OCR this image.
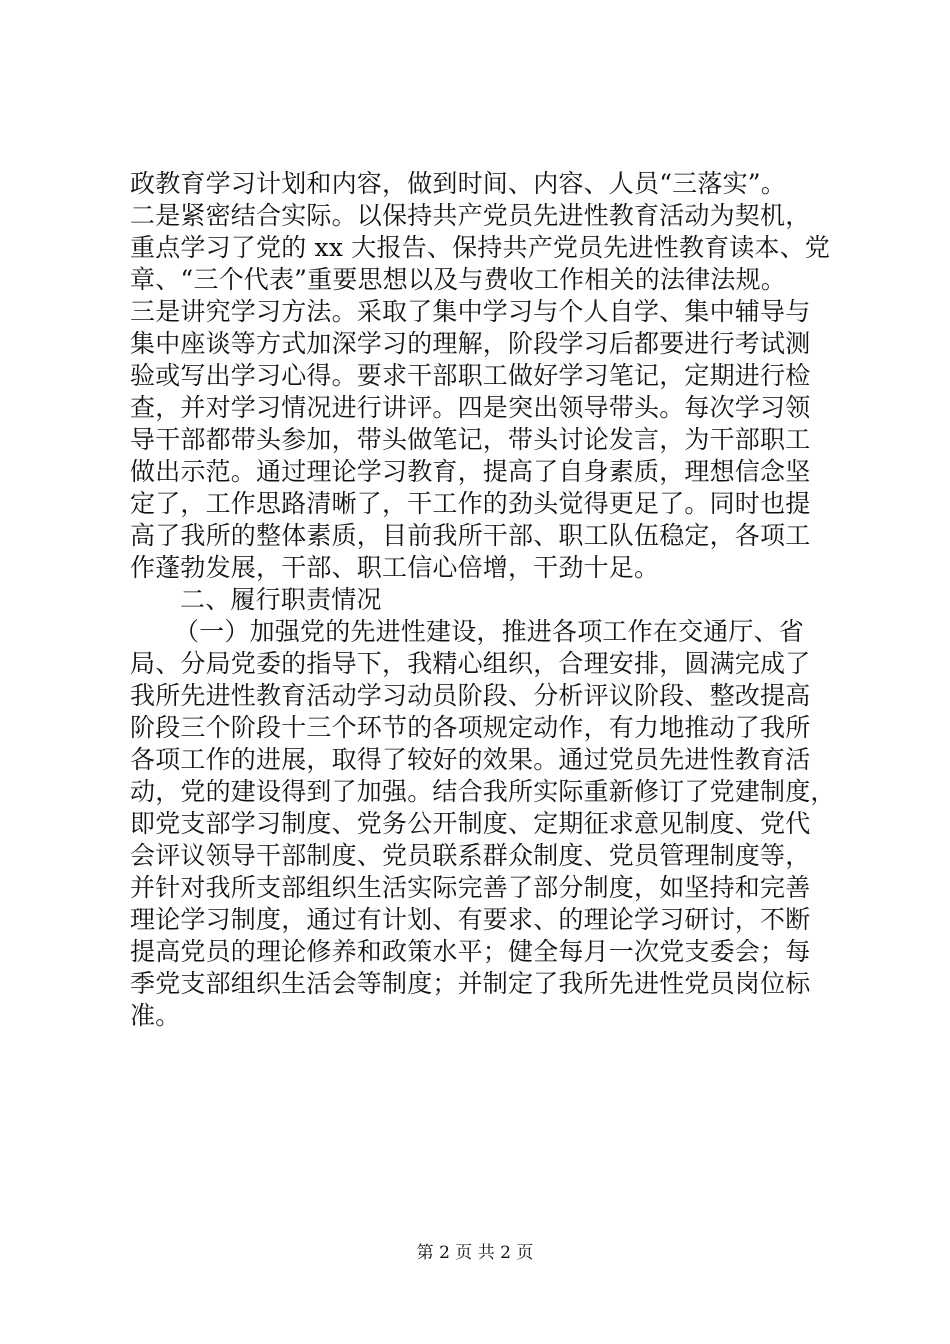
政教育学习计划和内容，做到时间、内容、人员“三落实”。
二是紧密结合实际。以保持共产党员先进性教育活动为契机，
重点学习了党的 xx 大报告、保持共产党员先进性教育读本、党
章、“三个代表”重要思想以及与费收工作相关的法律法规。
三是讲究学习方法。采取了集中学习与个人自学、集中辅导与
集中座谈等方式加深学习的理解，阶段学习后都要进行考试测
验或写出学习心得。要求干部职工做好学习笔记，定期进行检
查，并对学习情况进行讲评。四是突出领导带头。每次学习领
导干部都带头参加，带头做笔记，带头讨论发言，为干部职工
做出示范。通过理论学习教育，提高了自身素质，理想信念坚
定了，工作思路清晰了，干工作的劲头觉得更足了。同时也提
高了我所的整体素质，目前我所干部、职工队伍稳定，各项工
作蓬勃发展，干部、职工信心倍增，干劲十足。
二、履行职责情况
（一）加强党的先进性建设，推进各项工作在交通厅、省
局、分局党委的指导下，我精心组织，合理安排，圆满完成了
我所先进性教育活动学习动员阶段、分析评议阶段、整改提高
阶段三个阶段十三个环节的各项规定动作，有力地推动了我所
各项工作的进展，取得了较好的效果。通过党员先进性教育活
动，党的建设得到了加强。结合我所实际重新修订了党建制度，
即党支部学习制度、党务公开制度、定期征求意见制度、党代
会评议领导干部制度、党员联系群众制度、党员管理制度等，
并针对我所支部组织生活实际完善了部分制度，如坚持和完善
理论学习制度，通过有计划、有要求、的理论学习研讨，不断
提高党员的理论修养和政策水平；健全每月一次党支委会；每
季党支部组织生活会等制度；并制定了我所先进性党员岗位标
准。
第 2 页 共 2 页
